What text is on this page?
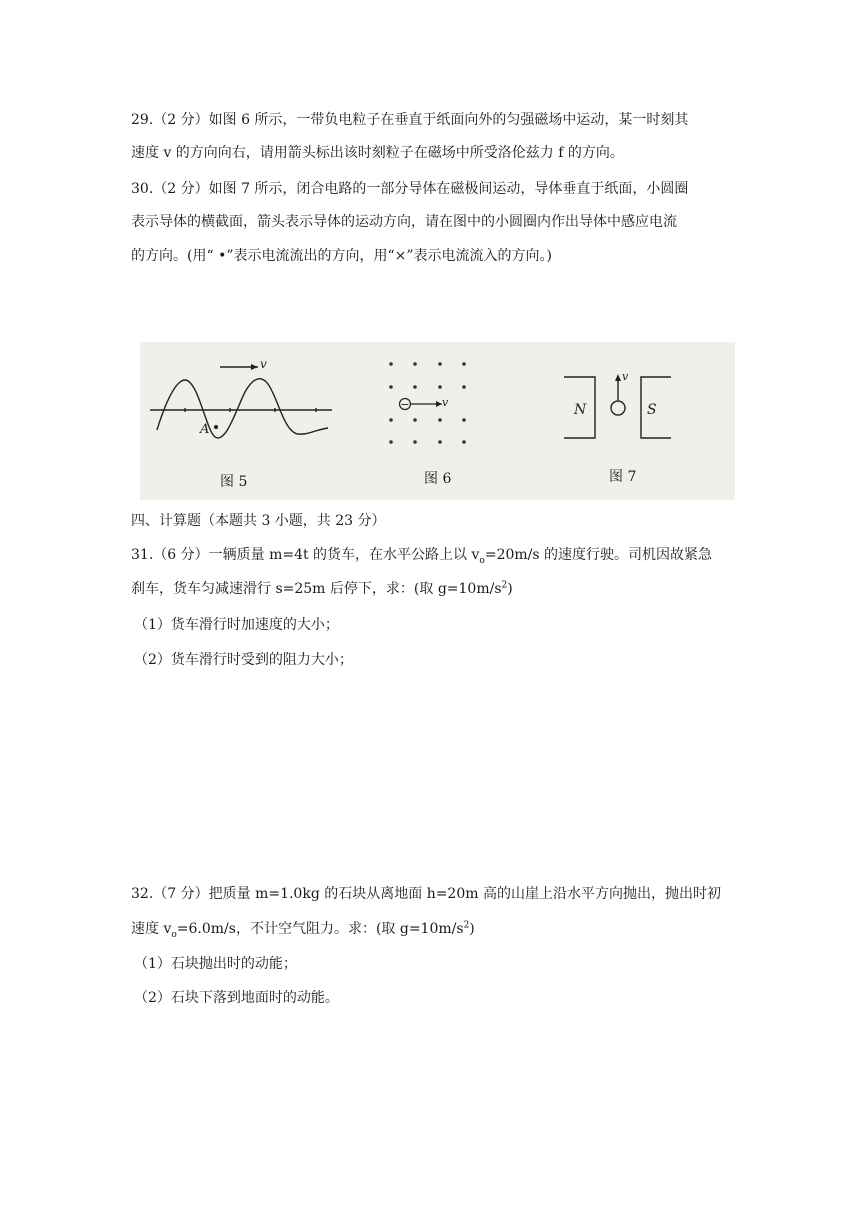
29.（2 分）如图 6 所示，一带负电粒子在垂直于纸面向外的匀强磁场中运动，某一时刻其
速度 v 的方向向右，请用箭头标出该时刻粒子在磁场中所受洛伦兹力 f 的方向。
30.（2 分）如图 7 所示，闭合电路的一部分导体在磁极间运动，导体垂直于纸面，小圆圈
表示导体的横截面，箭头表示导体的运动方向，请在图中的小圆圈内作出导体中感应电流
的方向。(用“ •”表示电流流出的方向，用“×”表示电流流入的方向。)
v
A
−	v
v
N	S
图 5	图 6	图 7
四、计算题（本题共 3 小题，共 23 分）
31.（6 分）一辆质量 m=4t 的货车，在水平公路上以 $v_o=20m/s$ 的速度行驶。司机因故紧急
刹车，货车匀减速滑行 s=25m 后停下，求：(取 $g=10m/s^2$)
（1）货车滑行时加速度的大小；
（2）货车滑行时受到的阻力大小；
32.（7 分）把质量 m=1.0kg 的石块从离地面 h=20m 高的山崖上沿水平方向抛出，抛出时初
速度 $v_o=6.0m/s$，不计空气阻力。求：(取 $g=10m/s^2$)
（1）石块抛出时的动能；
（2）石块下落到地面时的动能。
